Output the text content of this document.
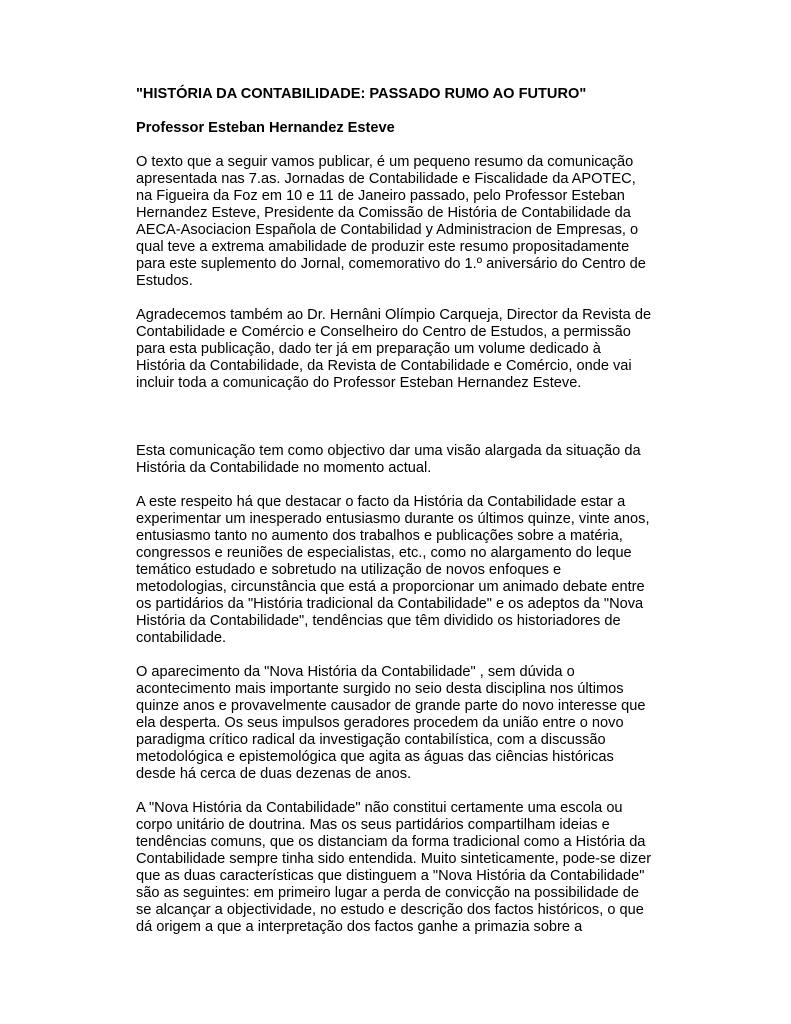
"HISTÓRIA DA CONTABILIDADE: PASSADO RUMO AO FUTURO"

Professor Esteban Hernandez Esteve

O texto que a seguir vamos publicar, é um pequeno resumo da comunicação
apresentada nas 7.as. Jornadas de Contabilidade e Fiscalidade da APOTEC,
na Figueira da Foz em 10 e 11 de Janeiro passado, pelo Professor Esteban
Hernandez Esteve, Presidente da Comissão de História de Contabilidade da
AECA-Asociacion Española de Contabilidad y Administracion de Empresas, o
qual teve a extrema amabilidade de produzir este resumo propositadamente
para este suplemento do Jornal, comemorativo do 1.º aniversário do Centro de
Estudos.

Agradecemos também ao Dr. Hernâni Olímpio Carqueja, Director da Revista de
Contabilidade e Comércio e Conselheiro do Centro de Estudos, a permissão
para esta publicação, dado ter já em preparação um volume dedicado à
História da Contabilidade, da Revista de Contabilidade e Comércio, onde vai
incluir toda a comunicação do Professor Esteban Hernandez Esteve.

Esta comunicação tem como objectivo dar uma visão alargada da situação da
História da Contabilidade no momento actual.

A este respeito há que destacar o facto da História da Contabilidade estar a
experimentar um inesperado entusiasmo durante os últimos quinze, vinte anos,
entusiasmo tanto no aumento dos trabalhos e publicações sobre a matéria,
congressos e reuniões de especialistas, etc., como no alargamento do leque
temático estudado e sobretudo na utilização de novos enfoques e
metodologias, circunstância que está a proporcionar um animado debate entre
os partidários da "História tradicional da Contabilidade" e os adeptos da "Nova
História da Contabilidade", tendências que têm dividido os historiadores de
contabilidade.

O aparecimento da "Nova História da Contabilidade" , sem dúvida o
acontecimento mais importante surgido no seio desta disciplina nos últimos
quinze anos e provavelmente causador de grande parte do novo interesse que
ela desperta. Os seus impulsos geradores procedem da união entre o novo
paradigma crítico radical da investigação contabilística, com a discussão
metodológica e epistemológica que agita as águas das ciências históricas
desde há cerca de duas dezenas de anos.

A "Nova História da Contabilidade" não constitui certamente uma escola ou
corpo unitário de doutrina. Mas os seus partidários compartilham ideias e
tendências comuns, que os distanciam da forma tradicional como a História da
Contabilidade sempre tinha sido entendida. Muito sinteticamente, pode-se dizer
que as duas características que distinguem a "Nova História da Contabilidade"
são as seguintes: em primeiro lugar a perda de convicção na possibilidade de
se alcançar a objectividade, no estudo e descrição dos factos históricos, o que
dá origem a que a interpretação dos factos ganhe a primazia sobre a
